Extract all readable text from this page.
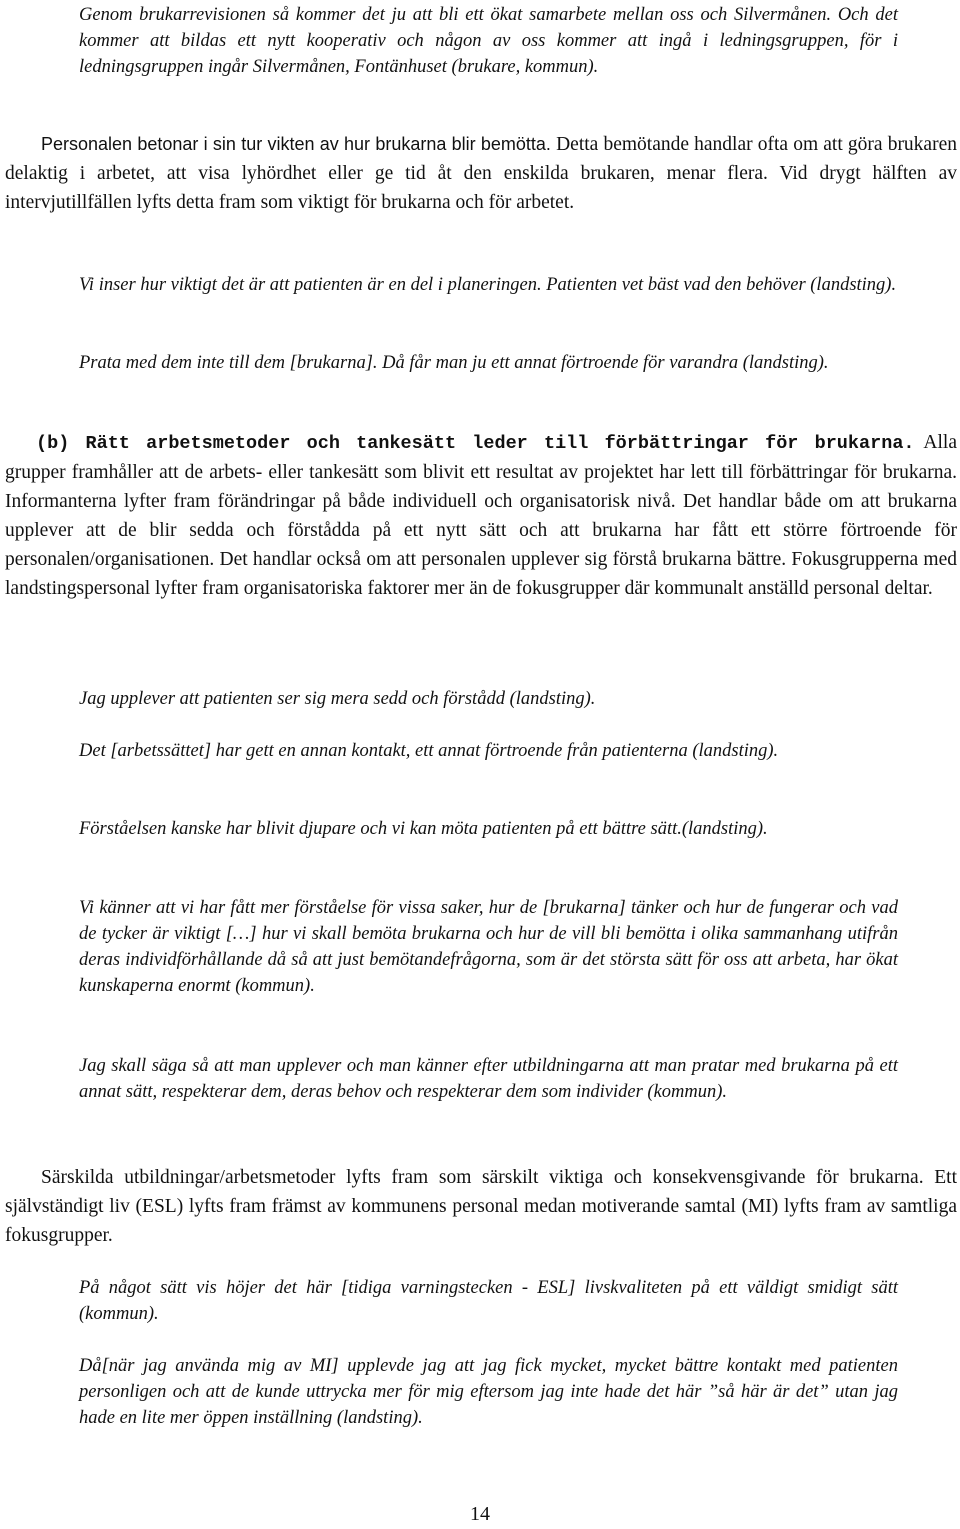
Genom brukarrevisionen så kommer det ju att bli ett ökat samarbete mellan oss och Silvermånen. Och det kommer att bildas ett nytt kooperativ och någon av oss kommer att ingå i ledningsgruppen, för i ledningsgruppen ingår Silvermånen, Fontänhuset (brukare, kommun).

Personalen betonar i sin tur vikten av hur brukarna blir bemötta. Detta bemötande handlar ofta om att göra brukaren delaktig i arbetet, att visa lyhördhet eller ge tid åt den enskilda brukaren, menar flera. Vid drygt hälften av intervjutillfällen lyfts detta fram som viktigt för brukarna och för arbetet.

Vi inser hur viktigt det är att patienten är en del i planeringen. Patienten vet bäst vad den behöver (landsting).

Prata med dem inte till dem [brukarna]. Då får man ju ett annat förtroende för varandra (landsting).

(b) Rätt arbetsmetoder och tankesätt leder till förbättringar för brukarna. Alla grupper framhåller att de arbets- eller tankesätt som blivit ett resultat av projektet har lett till förbättringar för brukarna. Informanterna lyfter fram förändringar på både individuell och organisatorisk nivå. Det handlar både om att brukarna upplever att de blir sedda och förstådda på ett nytt sätt och att brukarna har fått ett större förtroende för personalen/organisationen. Det handlar också om att personalen upplever sig förstå brukarna bättre. Fokusgrupperna med landstingspersonal lyfter fram organisatoriska faktorer mer än de fokusgrupper där kommunalt anställd personal deltar.

Jag upplever att patienten ser sig mera sedd och förstådd (landsting).

Det [arbetssättet] har gett en annan kontakt, ett annat förtroende från patienterna (landsting).

Förståelsen kanske har blivit djupare och vi kan möta patienten på ett bättre sätt.(landsting).

Vi känner att vi har fått mer förståelse för vissa saker, hur de [brukarna] tänker och hur de fungerar och vad de tycker är viktigt […] hur vi skall bemöta brukarna och hur de vill bli bemötta i olika sammanhang utifrån deras individförhållande då så att just bemötandefrågorna, som är det största sätt för oss att arbeta, har ökat kunskaperna enormt (kommun).

Jag skall säga så att man upplever och man känner efter utbildningarna att man pratar med brukarna på ett annat sätt, respekterar dem, deras behov och respekterar dem som individer (kommun).

Särskilda utbildningar/arbetsmetoder lyfts fram som särskilt viktiga och konsekvensgivande för brukarna. Ett självständigt liv (ESL) lyfts fram främst av kommunens personal medan motiverande samtal (MI) lyfts fram av samtliga fokusgrupper.

På något sätt vis höjer det här [tidiga varningstecken - ESL] livskvaliteten på ett väldigt smidigt sätt (kommun).

Då[när jag använda mig av MI] upplevde jag att jag fick mycket, mycket bättre kontakt med patienten personligen och att de kunde uttrycka mer för mig eftersom jag inte hade det här ”så här är det” utan jag hade en lite mer öppen inställning (landsting).

14
